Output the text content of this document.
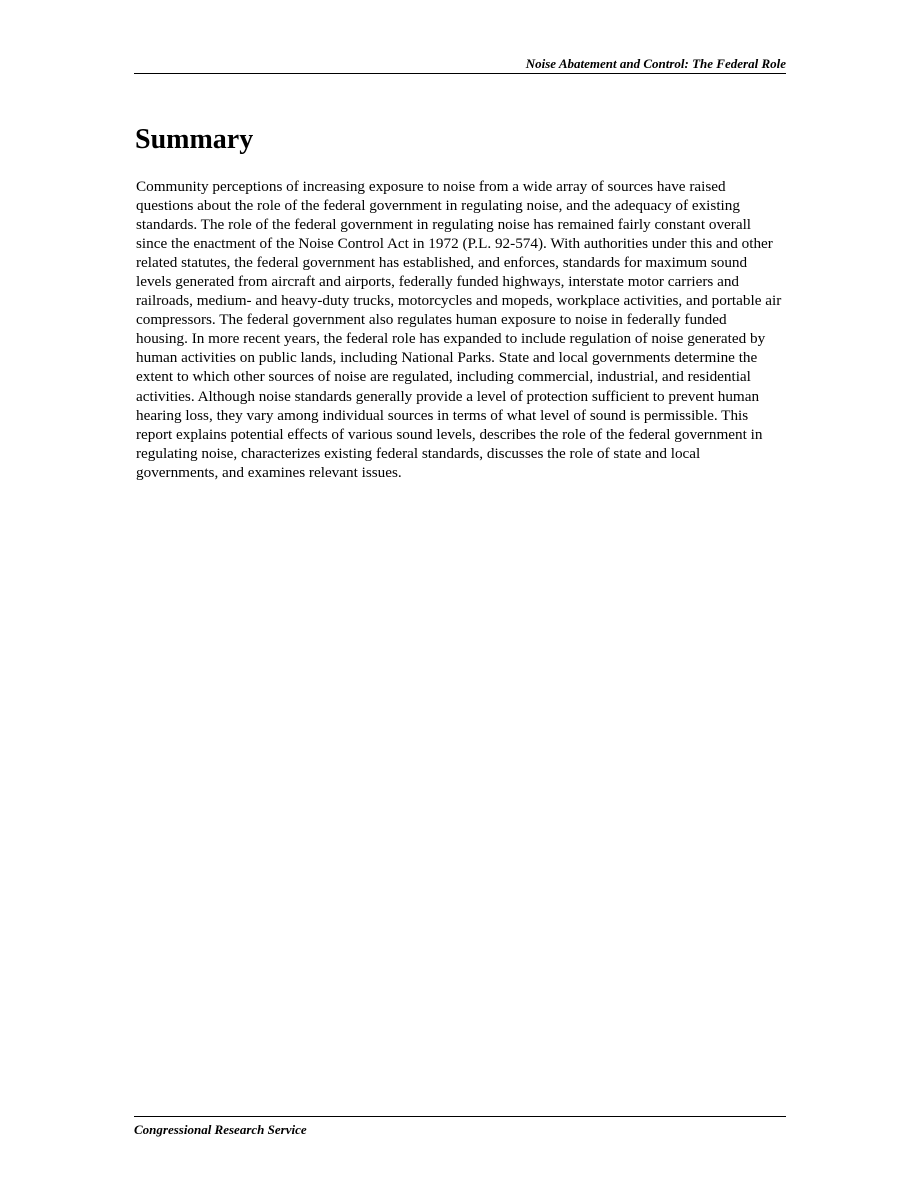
Noise Abatement and Control: The Federal Role
Summary

Community perceptions of increasing exposure to noise from a wide array of sources have raised questions about the role of the federal government in regulating noise, and the adequacy of existing standards. The role of the federal government in regulating noise has remained fairly constant overall since the enactment of the Noise Control Act in 1972 (P.L. 92-574). With authorities under this and other related statutes, the federal government has established, and enforces, standards for maximum sound levels generated from aircraft and airports, federally funded highways, interstate motor carriers and railroads, medium- and heavy-duty trucks, motorcycles and mopeds, workplace activities, and portable air compressors. The federal government also regulates human exposure to noise in federally funded housing. In more recent years, the federal role has expanded to include regulation of noise generated by human activities on public lands, including National Parks. State and local governments determine the extent to which other sources of noise are regulated, including commercial, industrial, and residential activities. Although noise standards generally provide a level of protection sufficient to prevent human hearing loss, they vary among individual sources in terms of what level of sound is permissible. This report explains potential effects of various sound levels, describes the role of the federal government in regulating noise, characterizes existing federal standards, discusses the role of state and local governments, and examines relevant issues.

Congressional Research Service
